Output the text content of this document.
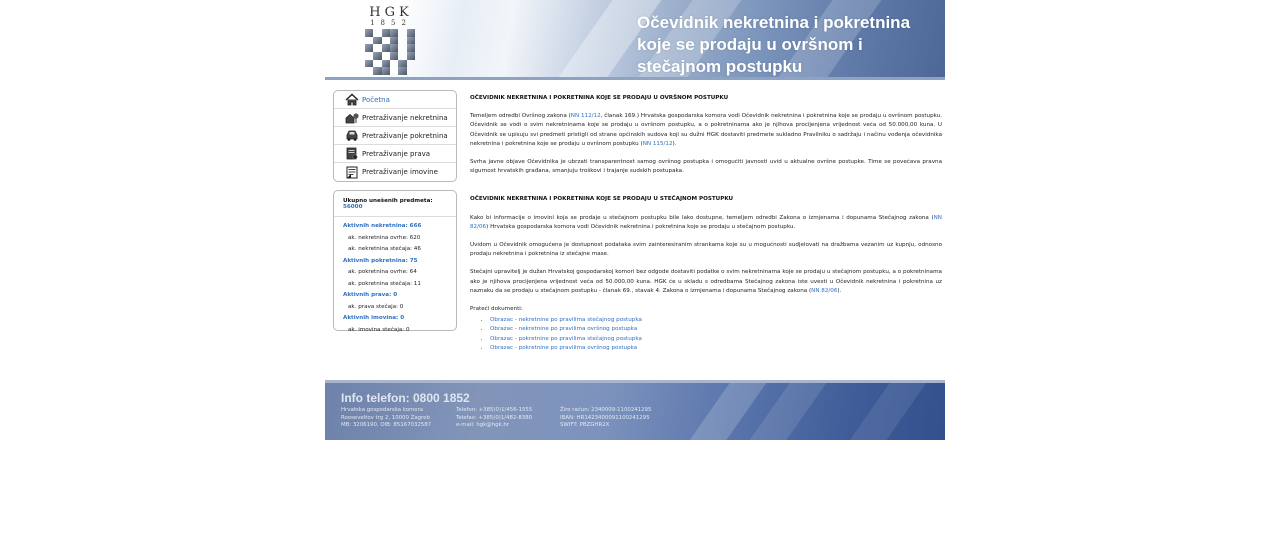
HGK
1852	Očevidnik nekretnina i pokretnina koje se prodaju u ovršnom i stečajnom postupku
Početna
Pretraživanje nekretnina
Pretraživanje pokretnina
Pretraživanje prava
Pretraživanje imovine
Ukupno unešenih predmeta: 56000
Aktivnih nekretnina: 666
ak. nekretnina ovrhe: 620
ak. nekretnina stečaja: 46
Aktivnih pokretnina: 75
ak. pokretnina ovrhe: 64
ak. pokretnina stečaja: 11
Aktivnih prava: 0
ak. prava stečaja: 0
Aktivnih imovina: 0
ak. imovina stečaja: 0
OČEVIDNIK NEKRETNINA I POKRETNINA KOJE SE PRODAJU U OVRŠNOM POSTUPKU
Temeljem odredbi Ovršnog zakona (NN 112/12, članak 169.) Hrvatska gospodarska komora vodi Očevidnik nekretnina i pokretnina koje se prodaju u ovršnom postupku. Očevidnik se vodi o svim nekretninama koje se prodaju u ovršnom postupku, a o pokretninama ako je njihova procijenjena vrijednost veća od 50.000,00 kuna. U Očevidnik se upisuju svi predmeti pristigli od strane općinskih sudova koji su dužni HGK dostaviti predmete sukladno Pravilniku o sadržaju i načinu vođenja očevidnika nekretnina i pokretnina koje se prodaju u ovršnom postupku (NN 115/12).
Svrha javne objave Očevidnika je ubrzati transparentnost samog ovršnog postupka i omogućiti javnosti uvid u aktualne ovršne postupke. Time se povećava pravna sigurnost hrvatskih građana, smanjuju troškovi i trajanje sudskih postupaka.
OČEVIDNIK NEKRETNINA I POKRETNINA KOJE SE PRODAJU U STEČAJNOM POSTUPKU
Kako bi informacije o imovini koja se prodaje u stečajnom postupku bile lako dostupne, temeljem odredbi Zakona o izmjenama i dopunama Stečajnog zakona (NN 82/06) Hrvatska gospodarska komora vodi Očevidnik nekretnina i pokretnina koje se prodaju u stečajnom postupku.
Uvidom u Očevidnik omogućena je dostupnost podataka svim zainteresiranim strankama koje su u mogućnosti sudjelovati na dražbama vezanim uz kupnju, odnosno prodaju nekretnina i pokretnina iz stečajne mase.
Stečajni upravitelj je dužan Hrvatskoj gospodarskoj komori bez odgode dostaviti podatke o svim nekretninama koje se prodaju u stečajnom postupku, a o pokretninama ako je njihova procijenjena vrijednost veća od 50.000,00 kuna. HGK će u skladu s odredbama Stečajnog zakona iste uvesti u Očevidnik nekretnina i pokretnina uz naznaku da se prodaju u stečajnom postupku - članak 69., stavak 4. Zakona o izmjenama i dopunama Stečajnog zakona (NN 82/06).
Prateći dokumenti:
• Obrazac - nekretnine po pravilima stečajnog postupka
• Obrazac - nekretnine po pravilima ovršnog postupka
• Obrazac - pokretnine po pravilima stečajnog postupka
• Obrazac - pokretnine po pravilima ovršnog postupka
Info telefon: 0800 1852
Hrvatska gospodarska komora
Rooseveltov trg 2, 10000 Zagreb
MB: 3206190, OIB: 85167032587
Telefon: +385(0)1/456-1555
Telefax: +385(0)1/482-8380
e-mail: hgk@hgk.hr
Žiro račun: 2340009-1100241295
IBAN: HR1423400091100241295
SWIFT: PBZGHR2X
